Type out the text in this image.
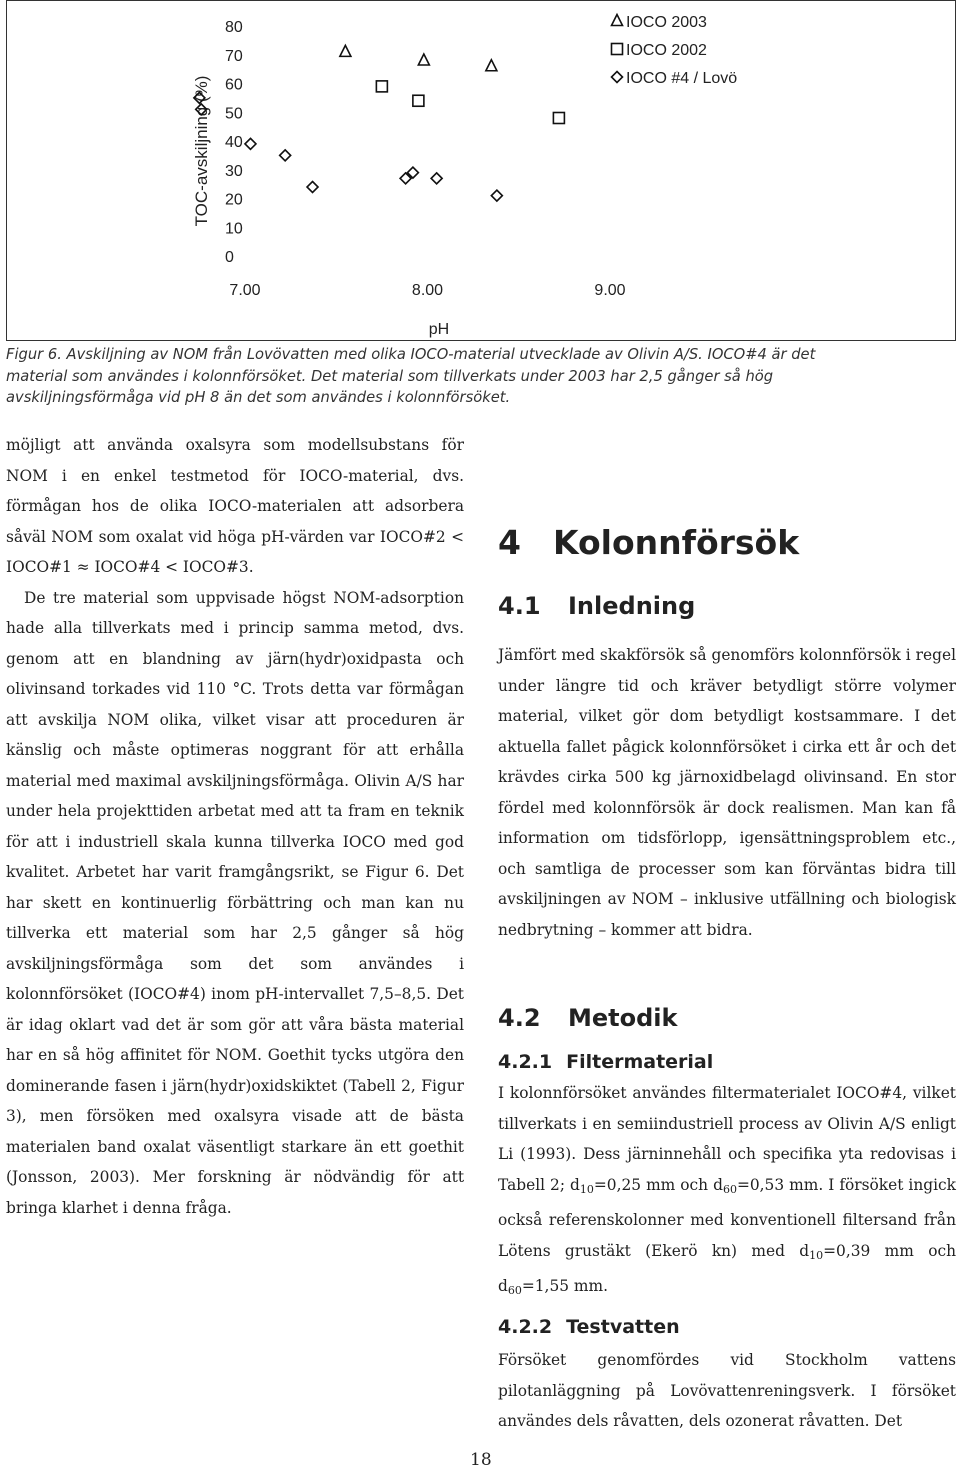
0
10
20
30
40
50
60
70
80
7.00	8.00	9.00
pH
TOC-avskiljning (%)
IOCO 2003
IOCO 2002
IOCO #4 / Lovö

Figur 6. Avskiljning av NOM från Lovövatten med olika IOCO-material utvecklade av Olivin A/S. IOCO#4 är det
material som användes i kolonnförsöket. Det material som tillverkats under 2003 har 2,5 gånger så hög
avskiljningsförmåga vid pH 8 än det som användes i kolonnförsöket.

möjligt att använda oxalsyra som modellsubstans för NOM i en enkel testmetod för IOCO-material, dvs. förmågan hos de olika IOCO-materialen att adsorbera såväl NOM som oxalat vid höga pH-värden var IOCO#2 < IOCO#1 ≈ IOCO#4 < IOCO#3.

De tre material som uppvisade högst NOM-adsorption hade alla tillverkats med i princip samma metod, dvs. genom att en blandning av järn(hydr)oxidpasta och olivinsand torkades vid 110 °C. Trots detta var förmågan att avskilja NOM olika, vilket visar att proceduren är känslig och måste optimeras noggrant för att erhålla material med maximal avskiljningsförmåga. Olivin A/S har under hela projekttiden arbetat med att ta fram en teknik för att i industriell skala kunna tillverka IOCO med god kvalitet. Arbetet har varit framgångsrikt, se Figur 6. Det har skett en kontinuerlig förbättring och man kan nu tillverka ett material som har 2,5 gånger så hög avskiljningsförmåga som det som användes i kolonnförsöket (IOCO#4) inom pH-intervallet 7,5–8,5. Det är idag oklart vad det är som gör att våra bästa material har en så hög affinitet för NOM. Goethit tycks utgöra den dominerande fasen i järn(hydr)oxidskiktet (Tabell 2, Figur 3), men försöken med oxalsyra visade att de bästa materialen band oxalat väsentligt starkare än ett goethit (Jonsson, 2003). Mer forskning är nödvändig för att bringa klarhet i denna fråga.

4 Kolonnförsök
4.1 Inledning

Jämfört med skakförsök så genomförs kolonnförsök i regel under längre tid och kräver betydligt större volymer material, vilket gör dom betydligt kostsammare. I det aktuella fallet pågick kolonnförsöket i cirka ett år och det krävdes cirka 500 kg järnoxidbelagd olivinsand. En stor fördel med kolonnförsök är dock realismen. Man kan få information om tidsförlopp, igensättningsproblem etc., och samtliga de processer som kan förväntas bidra till avskiljningen av NOM – inklusive utfällning och biologisk nedbrytning – kommer att bidra.

4.2 Metodik
4.2.1 Filtermaterial

I kolonnförsöket användes filtermaterialet IOCO#4, vilket tillverkats i en semiindustriell process av Olivin A/S enligt Li (1993). Dess järninnehåll och specifika yta redovisas i Tabell 2; $d_{10}=0,25$ mm och $d_{60}=0,53$ mm. I försöket ingick också referenskolonner med konventionell filtersand från Lötens grustäkt (Ekerö kn) med $d_{10}=0,39$ mm och $d_{60}=1,55$ mm.

4.2.2 Testvatten

Försöket genomfördes vid Stockholm vattens pilotanläggning på Lovövattenreningsverk. I försöket användes dels råvatten, dels ozonerat råvatten. Det

18
